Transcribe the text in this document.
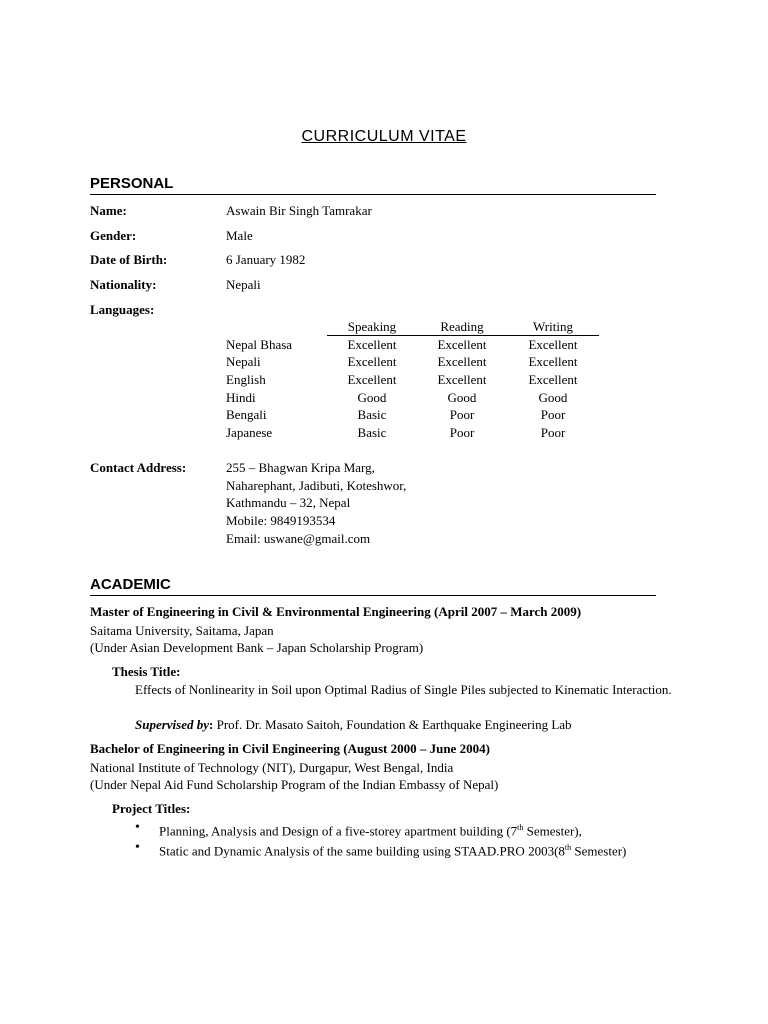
CURRICULUM VITAE
PERSONAL
Name:	Aswain Bir Singh Tamrakar
Gender:	Male
Date of Birth:	6 January 1982
Nationality:	Nepali
Languages:
	Speaking	Reading	Writing
Nepal Bhasa	Excellent	Excellent	Excellent
Nepali	Excellent	Excellent	Excellent
English	Excellent	Excellent	Excellent
Hindi	Good	Good	Good
Bengali	Basic	Poor	Poor
Japanese	Basic	Poor	Poor
Contact Address:	255 – Bhagwan Kripa Marg,
Naharephant, Jadibuti, Koteshwor,
Kathmandu – 32, Nepal
Mobile: 9849193534
Email: uswane@gmail.com
ACADEMIC
Master of Engineering in Civil & Environmental Engineering (April 2007 – March 2009)
Saitama University, Saitama, Japan
(Under Asian Development Bank – Japan Scholarship Program)
Thesis Title:
Effects of Nonlinearity in Soil upon Optimal Radius of Single Piles subjected to Kinematic Interaction.
Supervised by: Prof. Dr. Masato Saitoh, Foundation & Earthquake Engineering Lab
Bachelor of Engineering in Civil Engineering (August 2000 – June 2004)
National Institute of Technology (NIT), Durgapur, West Bengal, India
(Under Nepal Aid Fund Scholarship Program of the Indian Embassy of Nepal)
Project Titles:
• Planning, Analysis and Design of a five-storey apartment building (7th Semester),
• Static and Dynamic Analysis of the same building using STAAD.PRO 2003(8th Semester)
